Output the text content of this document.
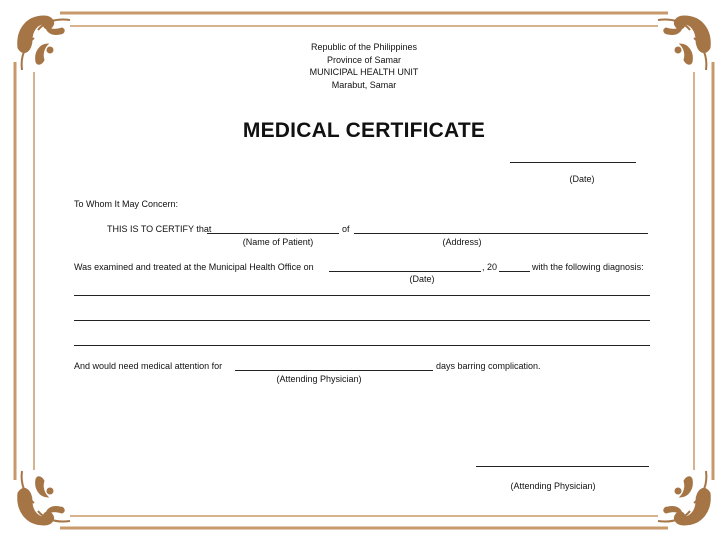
Republic of the Philippines
Province of Samar
MUNICIPAL HEALTH UNIT
Marabut, Samar
MEDICAL CERTIFICATE
(Date)
To Whom It May Concern:
THIS IS TO CERTIFY that	of
(Name of Patient)	(Address)
Was examined and treated at the Municipal Health Office on	, 20	with the following diagnosis:
(Date)
And would need medical attention for	days barring complication.
(Attending Physician)
(Attending Physician)
